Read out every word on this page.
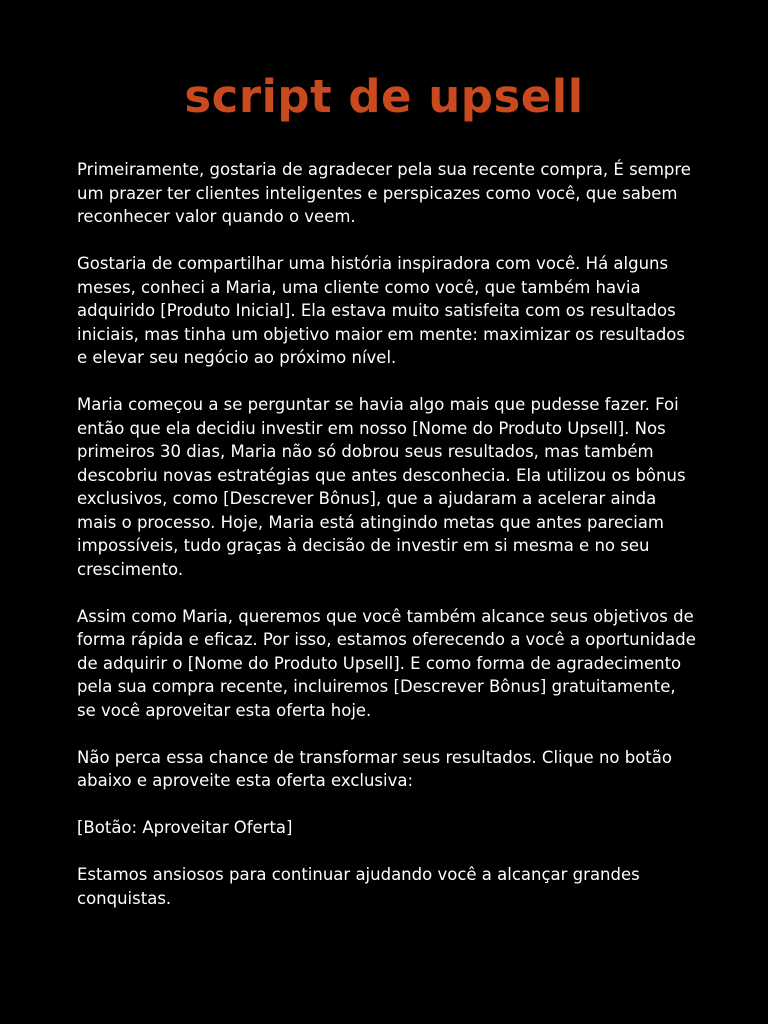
script de upsell

Primeiramente, gostaria de agradecer pela sua recente compra, É sempre um prazer ter clientes inteligentes e perspicazes como você, que sabem reconhecer valor quando o veem.

Gostaria de compartilhar uma história inspiradora com você. Há alguns meses, conheci a Maria, uma cliente como você, que também havia adquirido [Produto Inicial]. Ela estava muito satisfeita com os resultados iniciais, mas tinha um objetivo maior em mente: maximizar os resultados e elevar seu negócio ao próximo nível.

Maria começou a se perguntar se havia algo mais que pudesse fazer. Foi então que ela decidiu investir em nosso [Nome do Produto Upsell]. Nos primeiros 30 dias, Maria não só dobrou seus resultados, mas também descobriu novas estratégias que antes desconhecia. Ela utilizou os bônus exclusivos, como [Descrever Bônus], que a ajudaram a acelerar ainda mais o processo. Hoje, Maria está atingindo metas que antes pareciam impossíveis, tudo graças à decisão de investir em si mesma e no seu crescimento.

Assim como Maria, queremos que você também alcance seus objetivos de forma rápida e eficaz. Por isso, estamos oferecendo a você a oportunidade de adquirir o [Nome do Produto Upsell]. E como forma de agradecimento pela sua compra recente, incluiremos [Descrever Bônus] gratuitamente, se você aproveitar esta oferta hoje.

Não perca essa chance de transformar seus resultados. Clique no botão abaixo e aproveite esta oferta exclusiva:

[Botão: Aproveitar Oferta]

Estamos ansiosos para continuar ajudando você a alcançar grandes conquistas.
